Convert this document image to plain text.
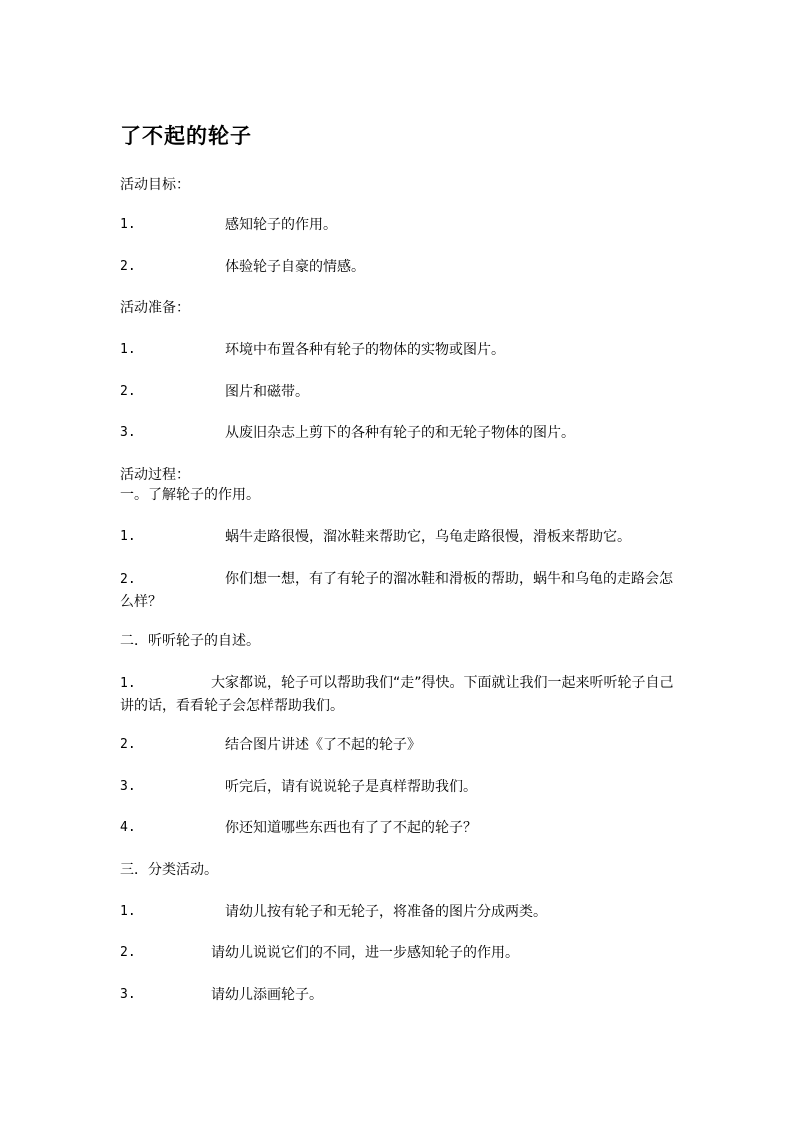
了不起的轮子

活动目标：

1.	感知轮子的作用。
2.	体验轮子自豪的情感。

活动准备：

1.	环境中布置各种有轮子的物体的实物或图片。
2.	图片和磁带。
3.	从废旧杂志上剪下的各种有轮子的和无轮子物体的图片。

活动过程：

一。了解轮子的作用。

1.	蜗牛走路很慢，溜冰鞋来帮助它，乌龟走路很慢，滑板来帮助它。

2.	你们想一想，有了有轮子的溜冰鞋和滑板的帮助，蜗牛和乌龟的走路会怎么样？

二．听听轮子的自述。

1.	大家都说，轮子可以帮助我们“走”得快。下面就让我们一起来听听轮子自己讲的话，看看轮子会怎样帮助我们。

2.	结合图片讲述《了不起的轮子》
3.	听完后，请有说说轮子是真样帮助我们。
4.	你还知道哪些东西也有了了不起的轮子？

三．分类活动。

1.	请幼儿按有轮子和无轮子，将准备的图片分成两类。
2.	请幼儿说说它们的不同，进一步感知轮子的作用。
3.	请幼儿添画轮子。
